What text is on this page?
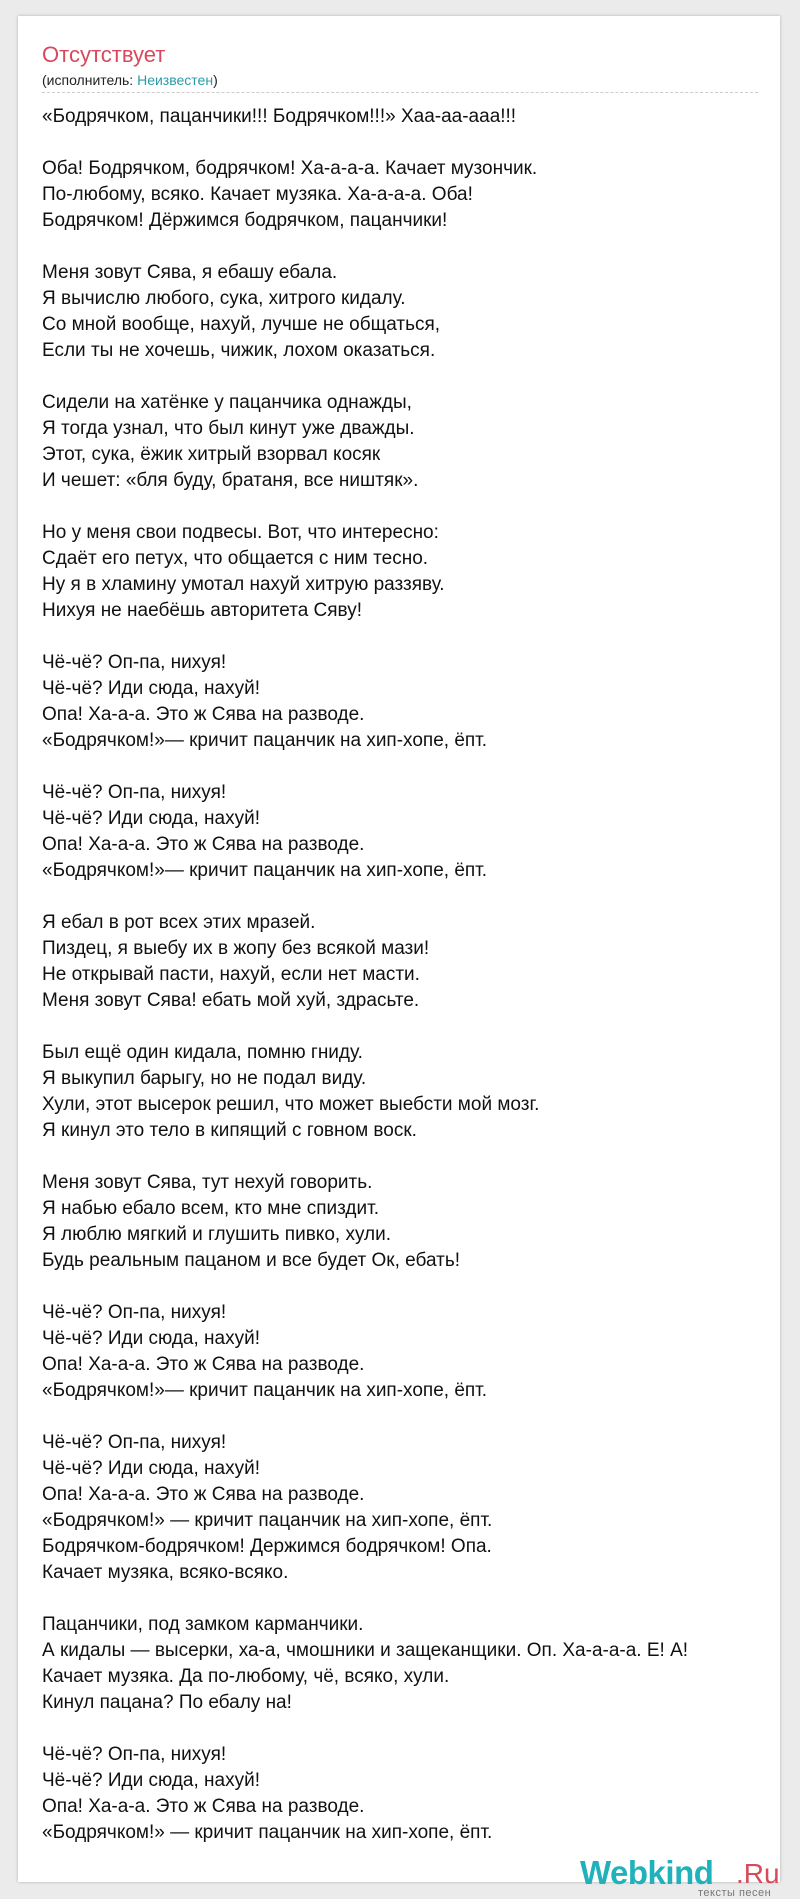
Отсутствует
(исполнитель: Неизвестен)
«Бодрячком, пацанчики!!! Бодрячком!!!» Хаа-аа-ааа!!!
Оба! Бодрячком, бодрячком! Ха-а-а-а. Качает музончик.
По-любому, всяко. Качает музяка. Ха-а-а-а. Оба!
Бодрячком! Дёржимся бодрячком, пацанчики!
Меня зовут Сява, я ебашу ебала.
Я вычислю любого, сука, хитрого кидалу.
Со мной вообще, нахуй, лучше не общаться,
Если ты не хочешь, чижик, лохом оказаться.
Сидели на хатёнке у пацанчика однажды,
Я тогда узнал, что был кинут уже дважды.
Этот, сука, ёжик хитрый взорвал косяк
И чешет: «бля буду, братаня, все ништяк».
Но у меня свои подвесы. Вот, что интересно:
Сдаёт его петух, что общается с ним тесно.
Ну я в хламину умотал нахуй хитрую раззяву.
Нихуя не наебёшь авторитета Сяву!
Чё-чё? Оп-па, нихуя!
Чё-чё? Иди сюда, нахуй!
Опа! Ха-а-а. Это ж Сява на разводе.
«Бодрячком!»— кричит пацанчик на хип-хопе, ёпт.
Чё-чё? Оп-па, нихуя!
Чё-чё? Иди сюда, нахуй!
Опа! Ха-а-а. Это ж Сява на разводе.
«Бодрячком!»— кричит пацанчик на хип-хопе, ёпт.
Я ебал в рот всех этих мразей.
Пиздец, я выебу их в жопу без всякой мази!
Не открывай пасти, нахуй, если нет масти.
Меня зовут Сява! ебать мой хуй, здрасьте.
Был ещё один кидала, помню гниду.
Я выкупил барыгу, но не подал виду.
Хули, этот высерок решил, что может выебсти мой мозг.
Я кинул это тело в кипящий с говном воск.
Меня зовут Сява, тут нехуй говорить.
Я набью ебало всем, кто мне спиздит.
Я люблю мягкий и глушить пивко, хули.
Будь реальным пацаном и все будет Ок, ебать!
Чё-чё? Оп-па, нихуя!
Чё-чё? Иди сюда, нахуй!
Опа! Ха-а-а. Это ж Сява на разводе.
«Бодрячком!»— кричит пацанчик на хип-хопе, ёпт.
Чё-чё? Оп-па, нихуя!
Чё-чё? Иди сюда, нахуй!
Опа! Ха-а-а. Это ж Сява на разводе.
«Бодрячком!» — кричит пацанчик на хип-хопе, ёпт.
Бодрячком-бодрячком! Держимся бодрячком! Опа.
Качает музяка, всяко-всяко.
Пацанчики, под замком карманчики.
А кидалы — высерки, ха-а, чмошники и защеканщики. Оп. Ха-а-а-а. Е! А!
Качает музяка. Да по-любому, чё, всяко, хули.
Кинул пацана? По ебалу на!
Чё-чё? Оп-па, нихуя!
Чё-чё? Иди сюда, нахуй!
Опа! Ха-а-а. Это ж Сява на разводе.
«Бодрячком!» — кричит пацанчик на хип-хопе, ёпт.
Webkind .Ru
тексты песен
